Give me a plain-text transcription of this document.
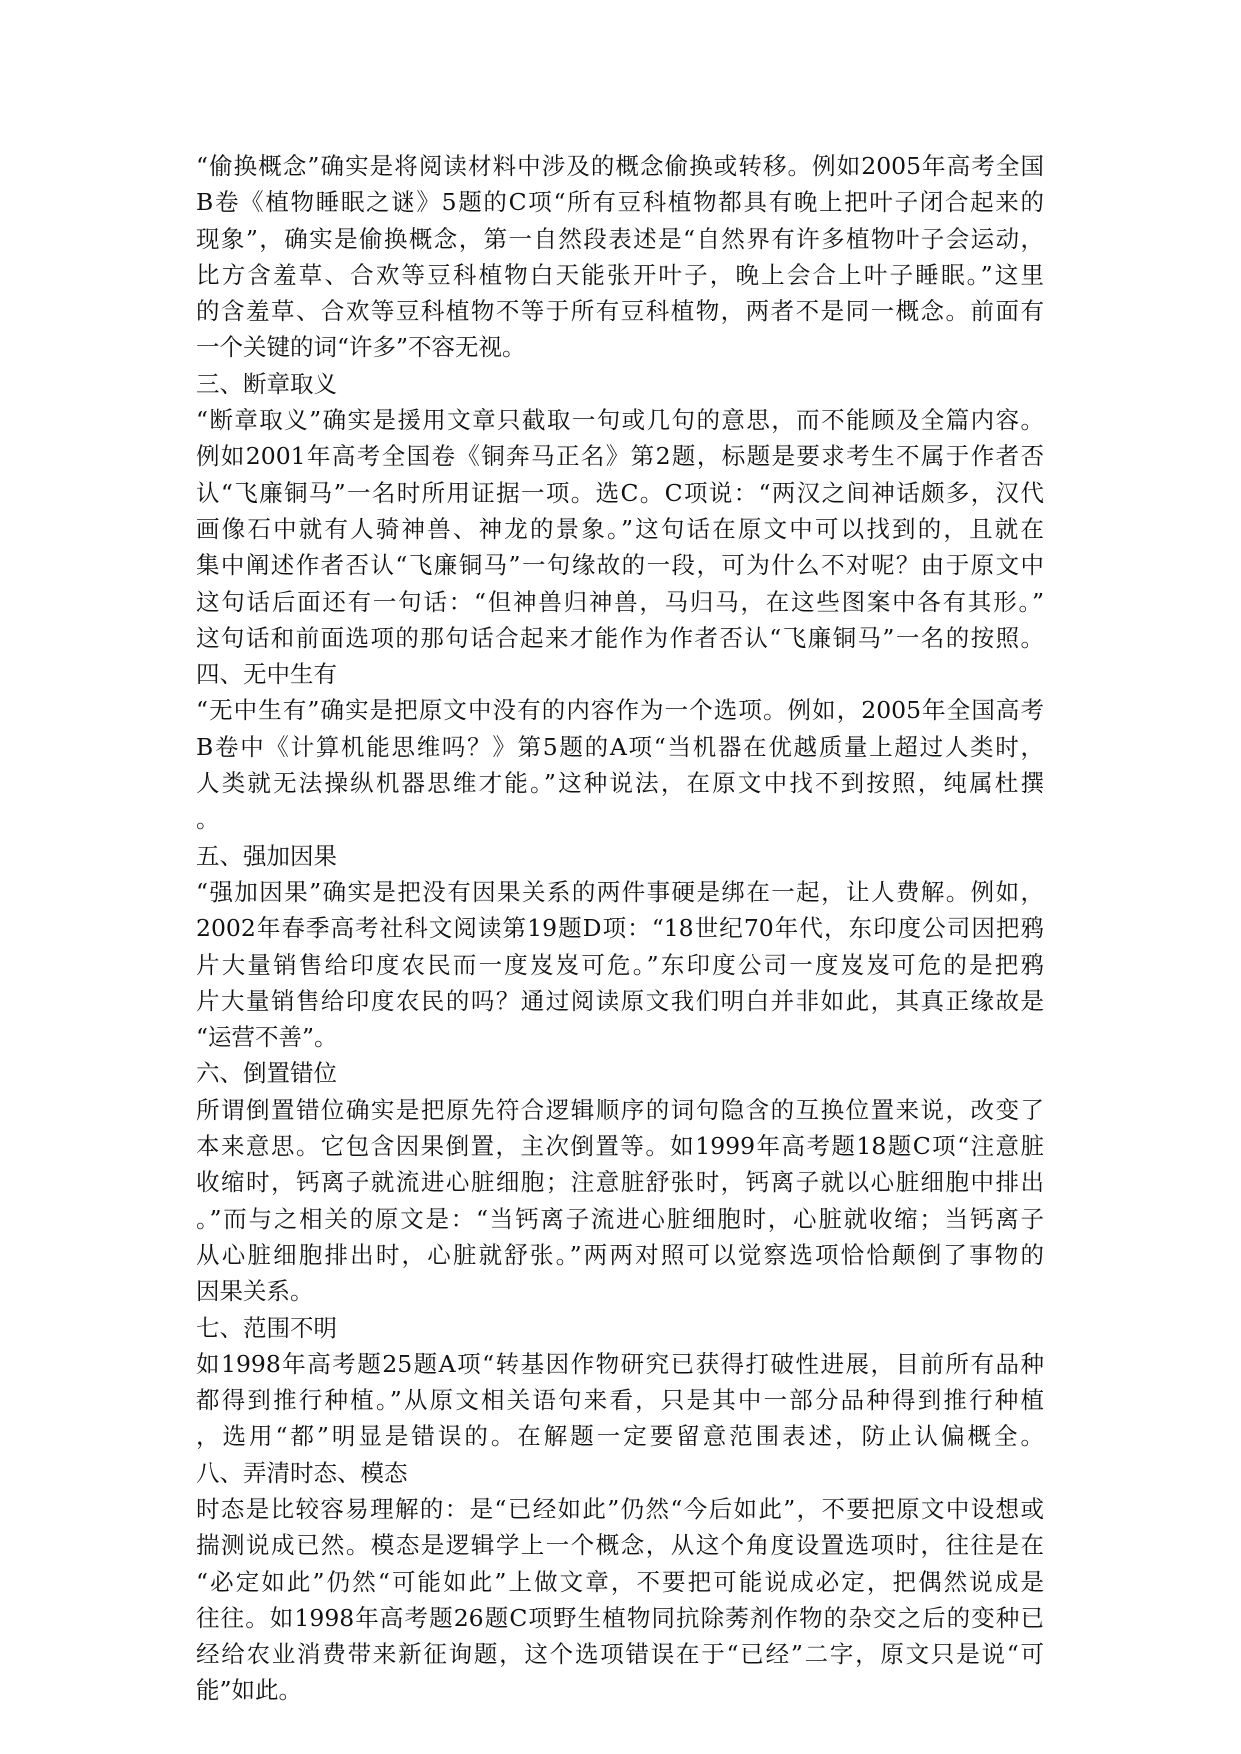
“偷换概念”确实是将阅读材料中涉及的概念偷换或转移。例如2005年高考全国
B卷《植物睡眠之谜》5题的C项“所有豆科植物都具有晚上把叶子闭合起来的
现象”，确实是偷换概念，第一自然段表述是“自然界有许多植物叶子会运动，
比方含羞草、合欢等豆科植物白天能张开叶子，晚上会合上叶子睡眠。”这里
的含羞草、合欢等豆科植物不等于所有豆科植物，两者不是同一概念。前面有
一个关键的词“许多”不容无视。
三、断章取义
“断章取义”确实是援用文章只截取一句或几句的意思，而不能顾及全篇内容。
例如2001年高考全国卷《铜奔马正名》第2题，标题是要求考生不属于作者否
认“飞廉铜马”一名时所用证据一项。选C。C项说：“两汉之间神话颇多，汉代
画像石中就有人骑神兽、神龙的景象。”这句话在原文中可以找到的，且就在
集中阐述作者否认“飞廉铜马”一句缘故的一段，可为什么不对呢？由于原文中
这句话后面还有一句话：“但神兽归神兽，马归马，在这些图案中各有其形。”
这句话和前面选项的那句话合起来才能作为作者否认“飞廉铜马”一名的按照。
四、无中生有
“无中生有”确实是把原文中没有的内容作为一个选项。例如，2005年全国高考
B卷中《计算机能思维吗？》第5题的A项“当机器在优越质量上超过人类时，
人类就无法操纵机器思维才能。”这种说法，在原文中找不到按照，纯属杜撰
。
五、强加因果
“强加因果”确实是把没有因果关系的两件事硬是绑在一起，让人费解。例如，
2002年春季高考社科文阅读第19题D项：“18世纪70年代，东印度公司因把鸦
片大量销售给印度农民而一度岌岌可危。”东印度公司一度岌岌可危的是把鸦
片大量销售给印度农民的吗？通过阅读原文我们明白并非如此，其真正缘故是
“运营不善”。
六、倒置错位
所谓倒置错位确实是把原先符合逻辑顺序的词句隐含的互换位置来说，改变了
本来意思。它包含因果倒置，主次倒置等。如1999年高考题18题C项“注意脏
收缩时，钙离子就流进心脏细胞；注意脏舒张时，钙离子就以心脏细胞中排出
。”而与之相关的原文是：“当钙离子流进心脏细胞时，心脏就收缩；当钙离子
从心脏细胞排出时，心脏就舒张。”两两对照可以觉察选项恰恰颠倒了事物的
因果关系。
七、范围不明
如1998年高考题25题A项“转基因作物研究已获得打破性进展，目前所有品种
都得到推行种植。”从原文相关语句来看，只是其中一部分品种得到推行种植
，选用“都”明显是错误的。在解题一定要留意范围表述，防止认偏概全。
八、弄清时态、模态
时态是比较容易理解的：是“已经如此”仍然“今后如此”，不要把原文中设想或
揣测说成已然。模态是逻辑学上一个概念，从这个角度设置选项时，往往是在
“必定如此”仍然“可能如此”上做文章，不要把可能说成必定，把偶然说成是
往往。如1998年高考题26题C项野生植物同抗除莠剂作物的杂交之后的变种已
经给农业消费带来新征询题，这个选项错误在于“已经”二字，原文只是说“可
能”如此。
